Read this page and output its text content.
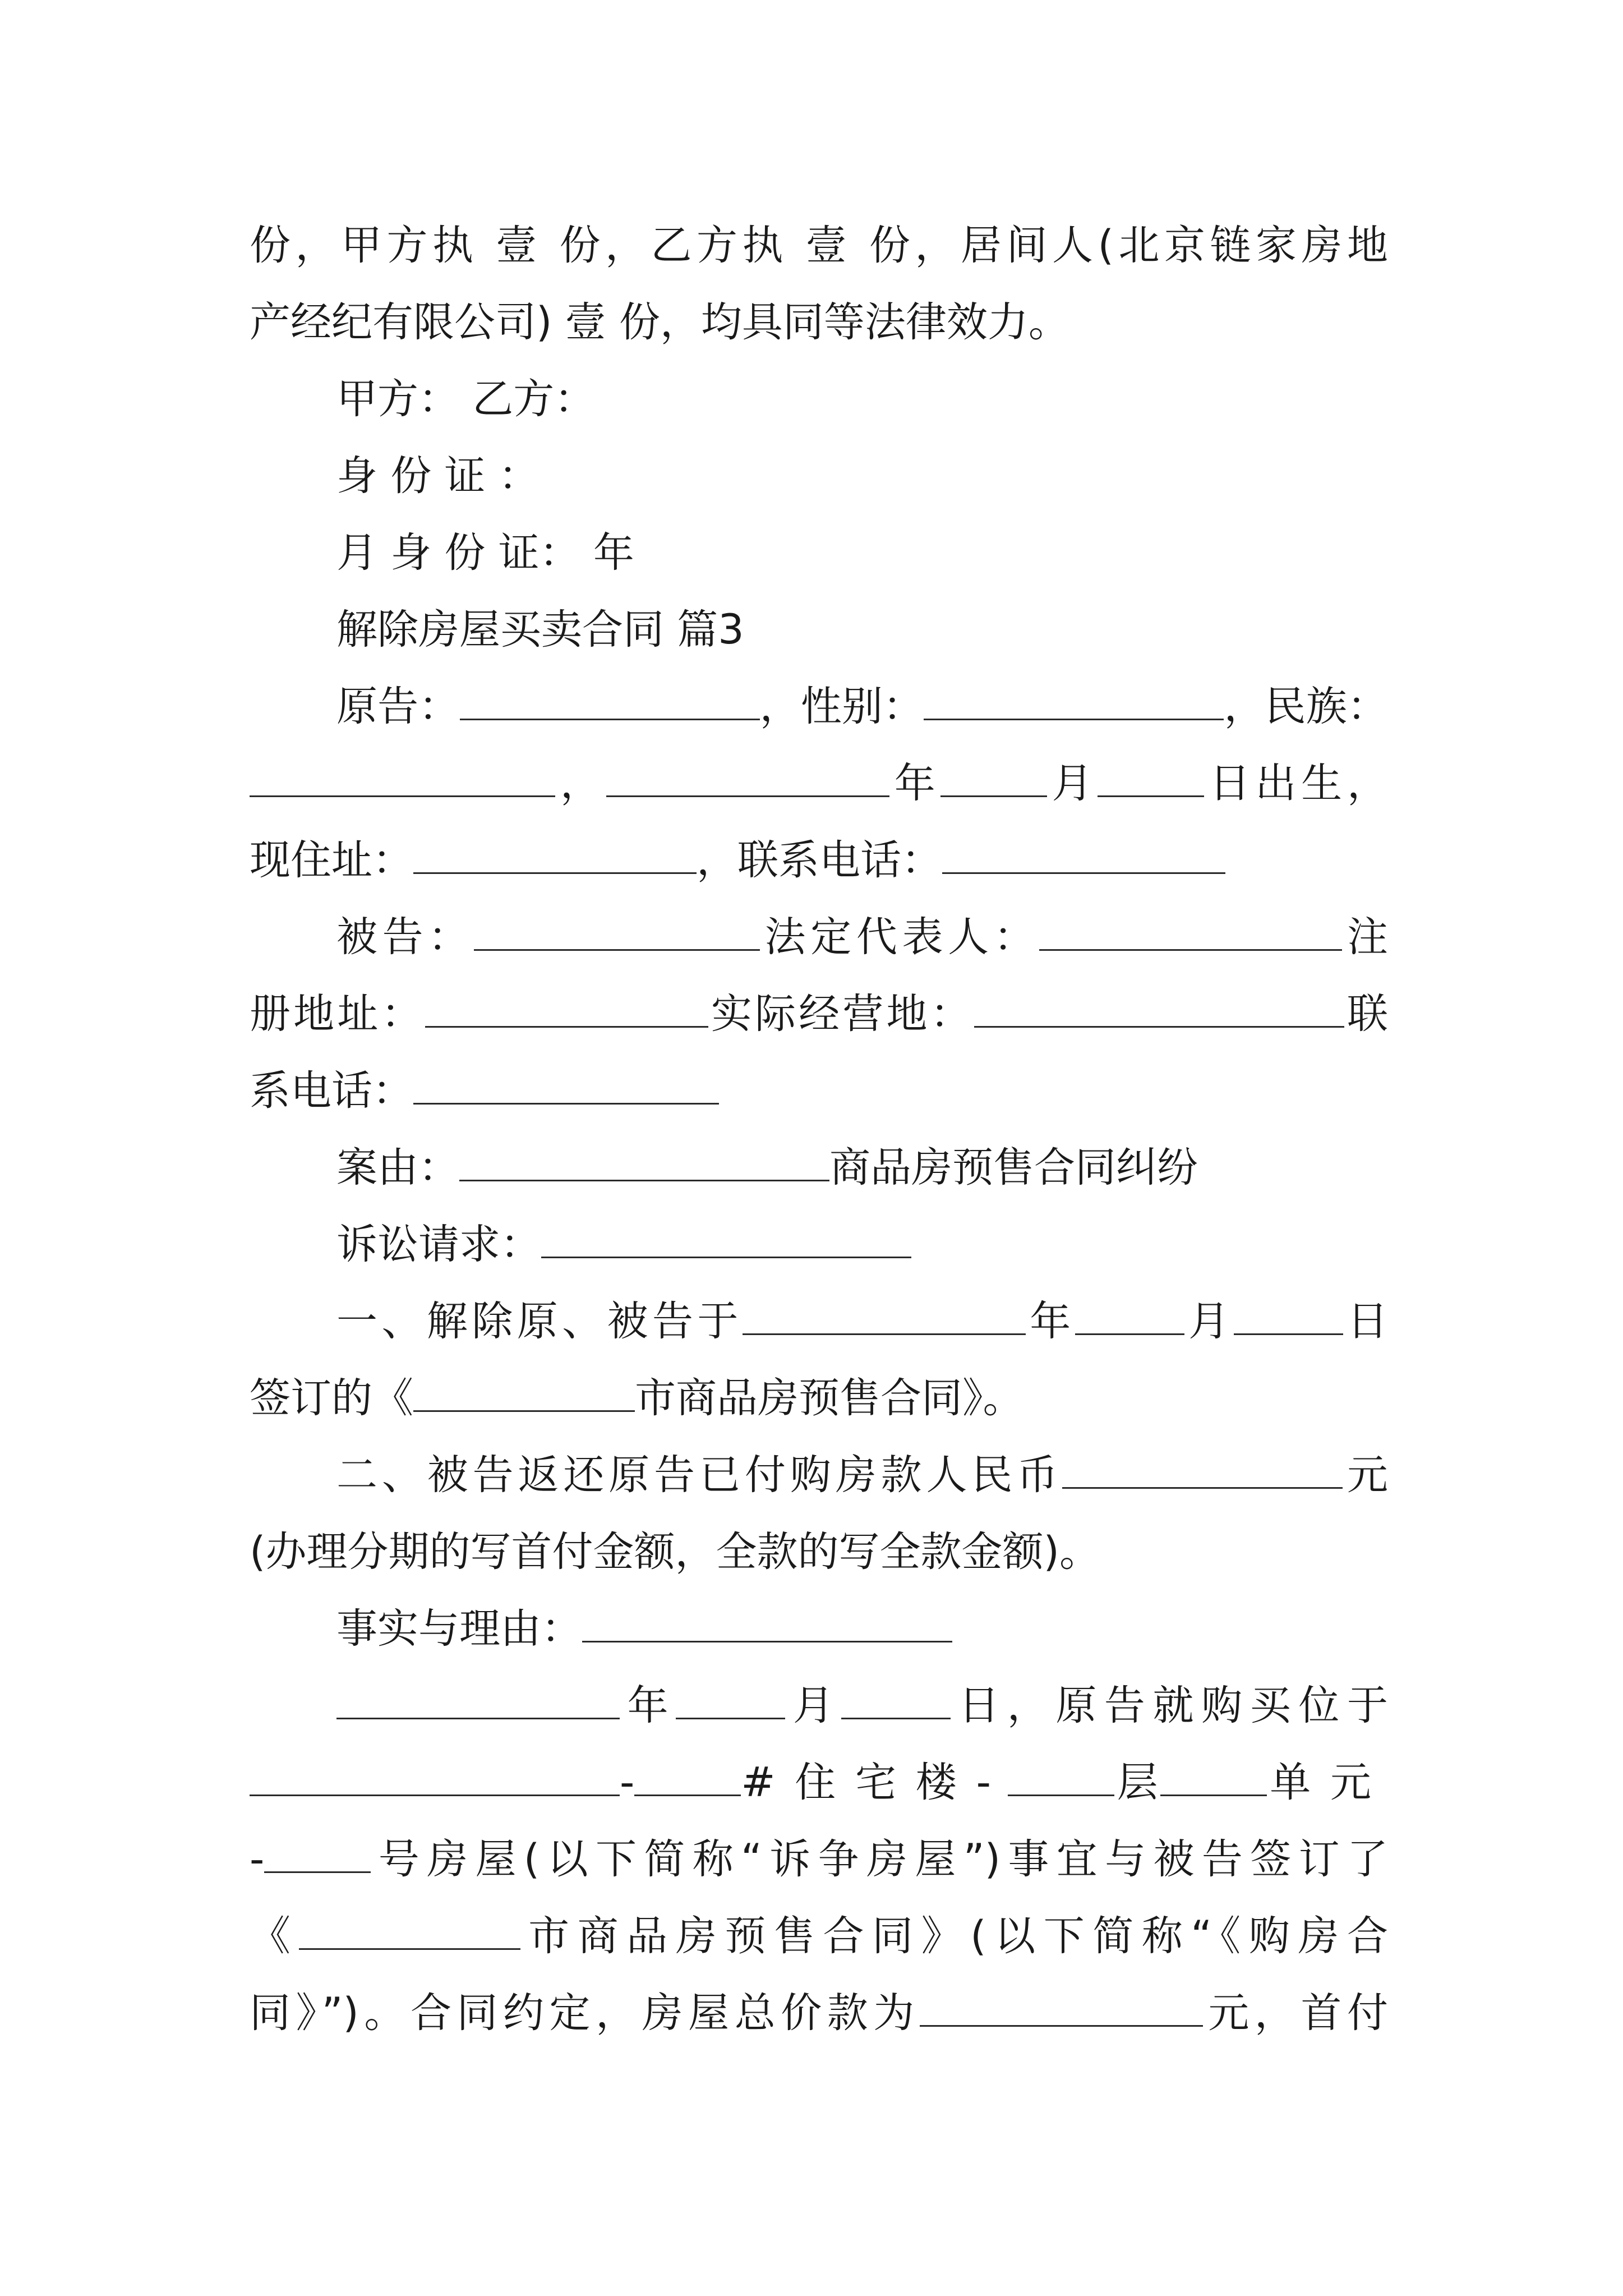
份，甲方执 壹 份，乙方执 壹 份，居间人(北京链家房地
产经纪有限公司) 壹 份，均具同等法律效力。
甲方： 乙方：
身 份 证 ：
月 身 份 证： 年
解除房屋买卖合同 篇3
原告：	，性别：	，民族：
，	年	月	日出生，
现住址：	，联系电话：
被告：	法定代表人：	注
册地址：	实际经营地：	联
系电话：
案由：	商品房预售合同纠纷
诉讼请求：
一、解除原、被告于	年	月	日
签订的《	市商品房预售合同》。
二、被告返还原告已付购房款人民币	元
(办理分期的写首付金额，全款的写全款金额)。
事实与理由：
年	月	日，原告就购买位于
-	#住宅楼-	层	单元
-	号房屋(以下简称“诉争房屋”)事宜与被告签订了
《	市商品房预售合同》(以下简称“《购房合
同》”)。合同约定，房屋总价款为	元，首付
